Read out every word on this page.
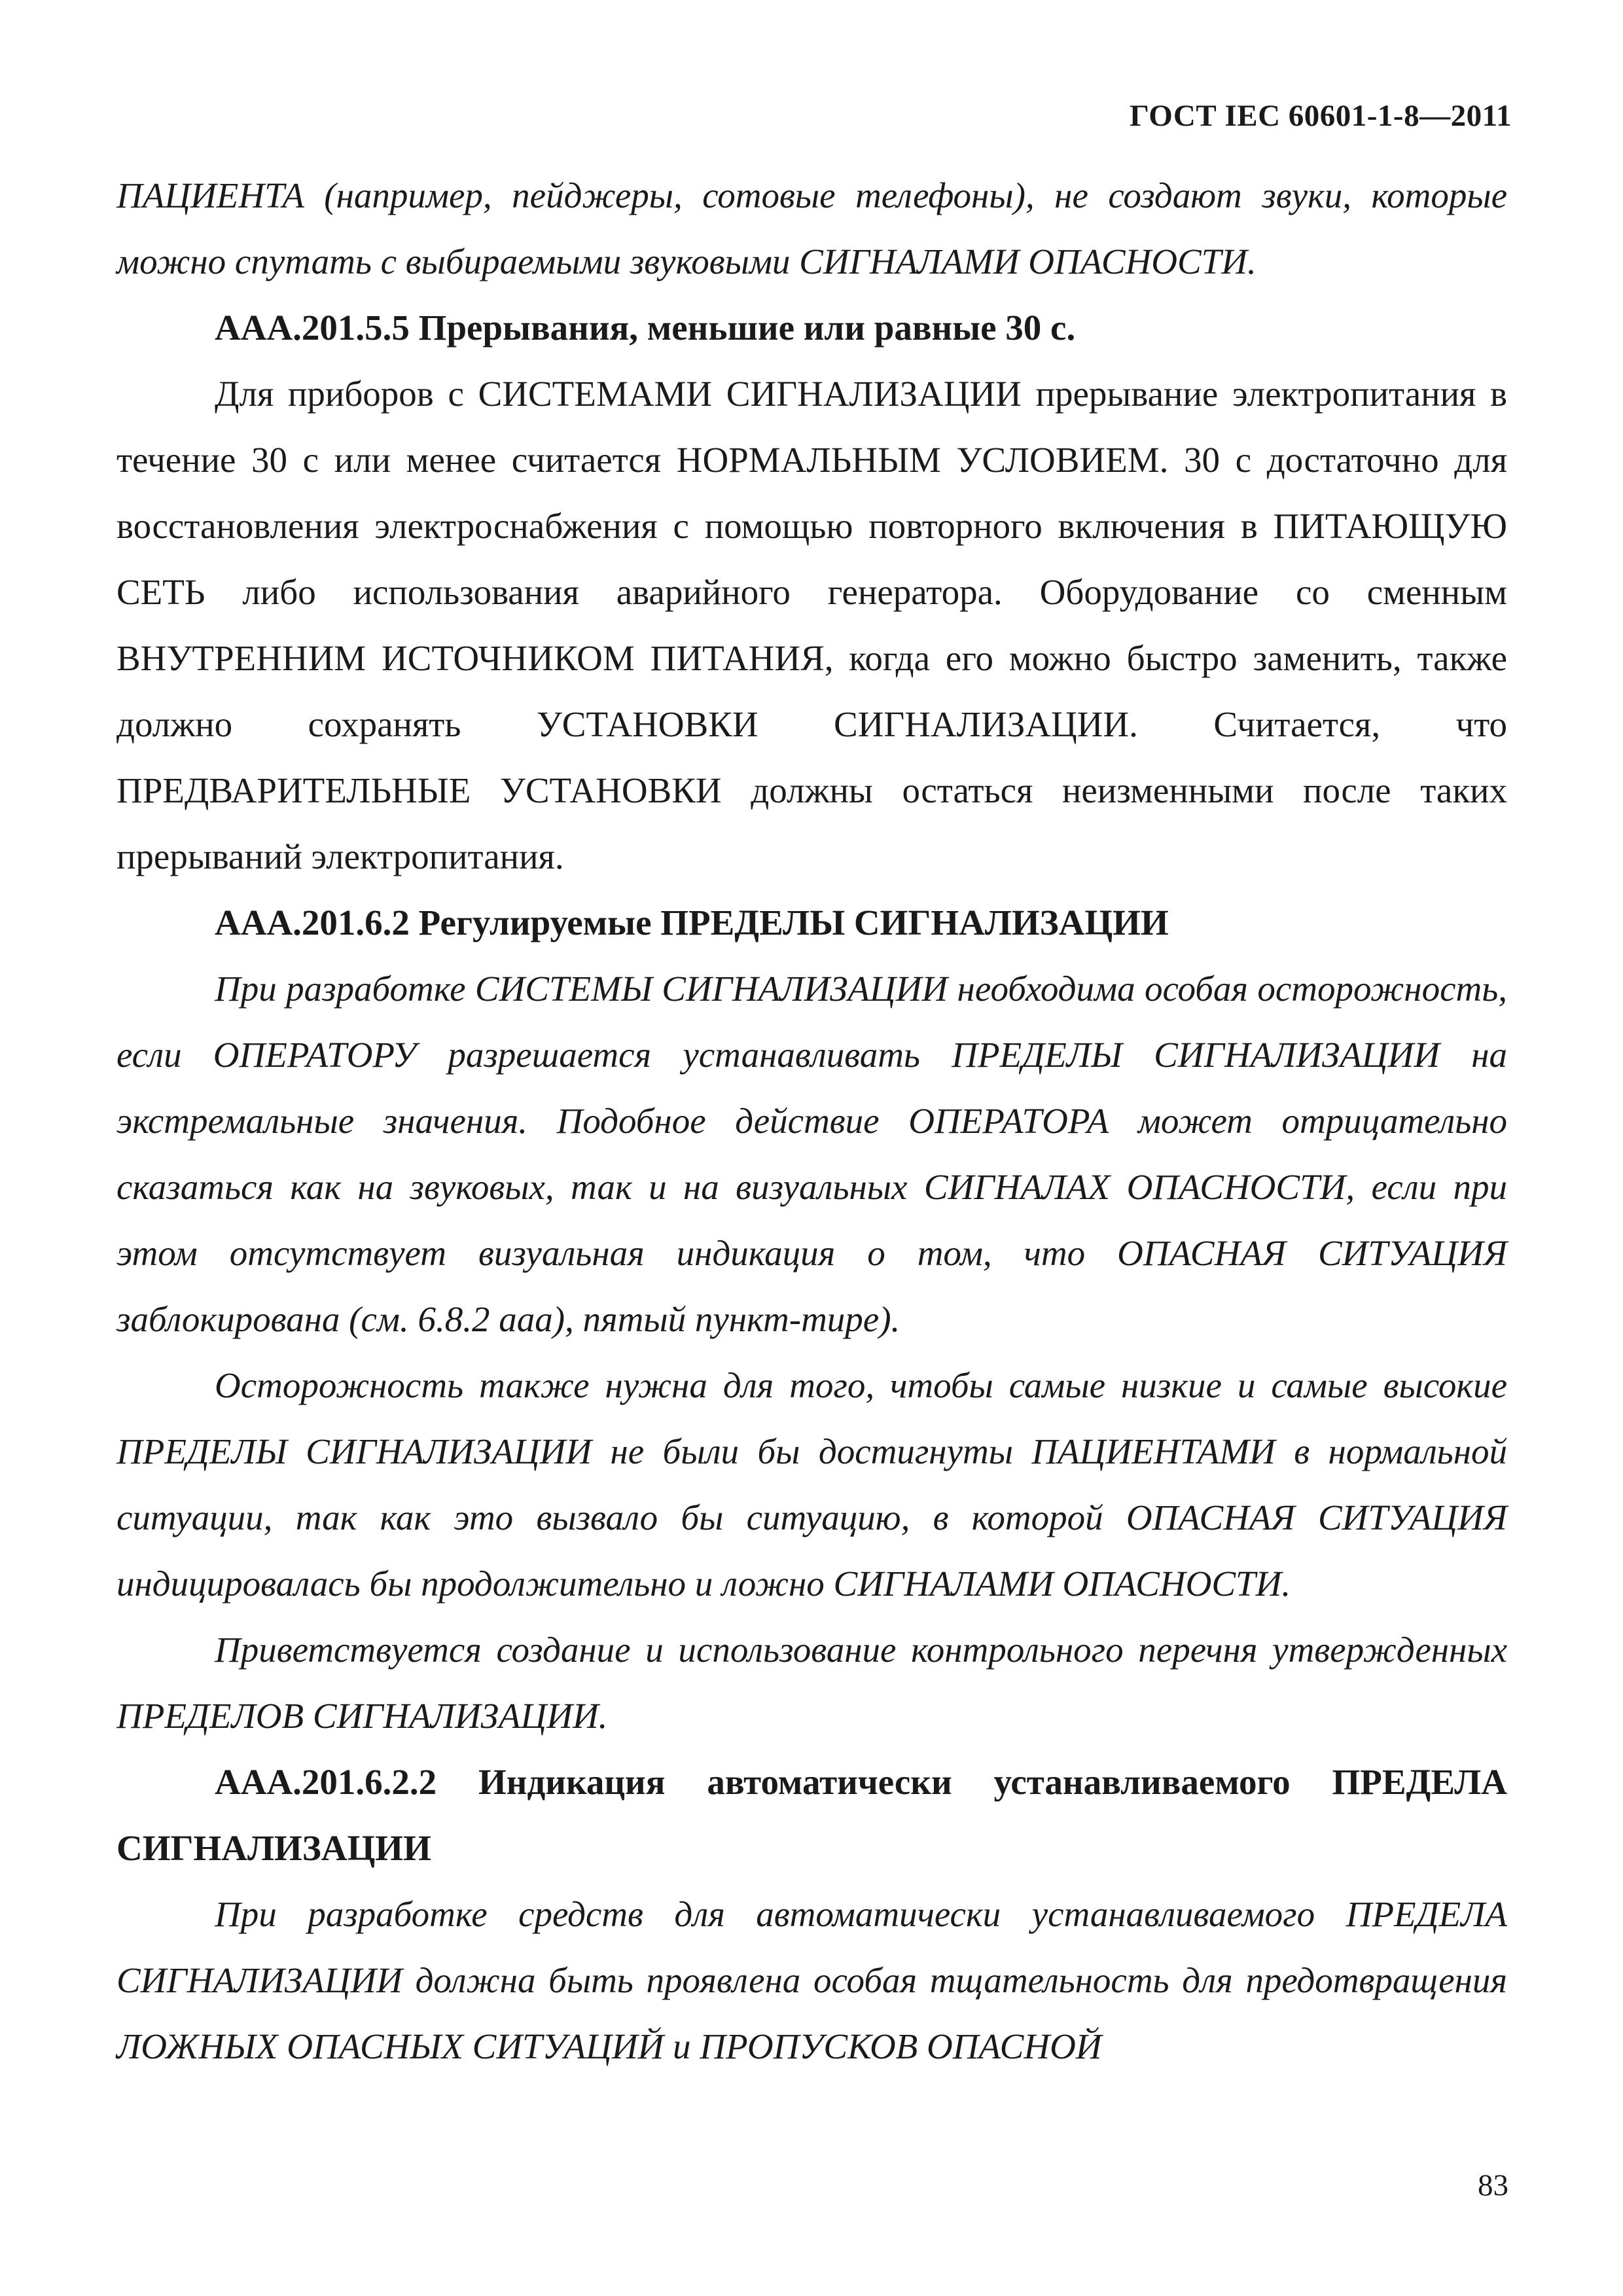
ГОСТ IEC 60601-1-8—2011

ПАЦИЕНТА (например, пейджеры, сотовые телефоны), не создают звуки, которые можно спутать с выбираемыми звуковыми СИГНАЛАМИ ОПАСНОСТИ.

ААА.201.5.5 Прерывания, меньшие или равные 30 с.

Для приборов с СИСТЕМАМИ СИГНАЛИЗАЦИИ прерывание электропитания в течение 30 с или менее считается НОРМАЛЬНЫМ УСЛОВИЕМ. 30 с достаточно для восстановления электроснабжения с помощью повторного включения в ПИТАЮЩУЮ СЕТЬ либо использования аварийного генератора. Оборудование со сменным ВНУТРЕННИМ ИСТОЧНИКОМ ПИТАНИЯ, когда его можно быстро заменить, также должно сохранять УСТАНОВКИ СИГНАЛИЗАЦИИ. Считается, что ПРЕДВАРИТЕЛЬНЫЕ УСТАНОВКИ должны остаться неизменными после таких прерываний электропитания.

ААА.201.6.2 Регулируемые ПРЕДЕЛЫ СИГНАЛИЗАЦИИ

При разработке СИСТЕМЫ СИГНАЛИЗАЦИИ необходима особая осторожность, если ОПЕРАТОРУ разрешается устанавливать ПРЕДЕЛЫ СИГНАЛИЗАЦИИ на экстремальные значения. Подобное действие ОПЕРАТОРА может отрицательно сказаться как на звуковых, так и на визуальных СИГНАЛАХ ОПАСНОСТИ, если при этом отсутствует визуальная индикация о том, что ОПАСНАЯ СИТУАЦИЯ заблокирована (см. 6.8.2 ааа), пятый пункт-тире).

Осторожность также нужна для того, чтобы самые низкие и самые высокие ПРЕДЕЛЫ СИГНАЛИЗАЦИИ не были бы достигнуты ПАЦИЕНТАМИ в нормальной ситуации, так как это вызвало бы ситуацию, в которой ОПАСНАЯ СИТУАЦИЯ индицировалась бы продолжительно и ложно СИГНАЛАМИ ОПАСНОСТИ.

Приветствуется создание и использование контрольного перечня утвержденных ПРЕДЕЛОВ СИГНАЛИЗАЦИИ.

ААА.201.6.2.2 Индикация автоматически устанавливаемого ПРЕДЕЛА СИГНАЛИЗАЦИИ

При разработке средств для автоматически устанавливаемого ПРЕДЕЛА СИГНАЛИЗАЦИИ должна быть проявлена особая тщательность для предотвращения ЛОЖНЫХ ОПАСНЫХ СИТУАЦИЙ и ПРОПУСКОВ ОПАСНОЙ

83
